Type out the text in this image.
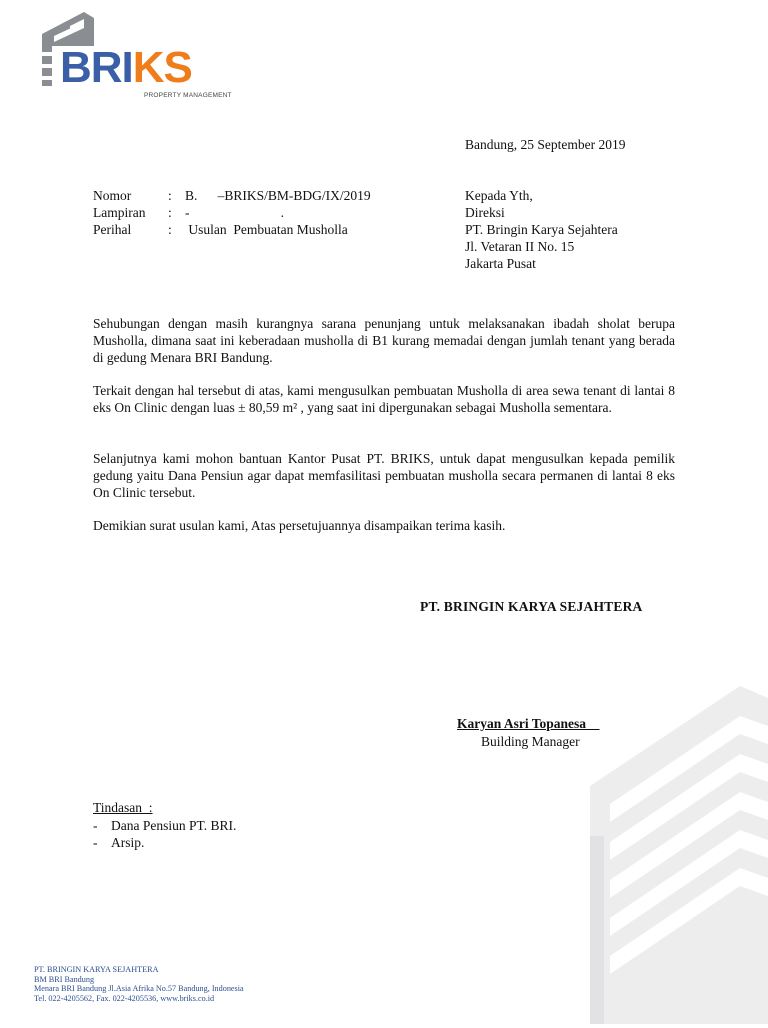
BRIKS
PROPERTY MANAGEMENT
Bandung, 25 September 2019
Nomor	: B.      –BRIKS/BM-BDG/IX/2019
Lampiran	: -                           .
Perihal	: Usulan  Pembuatan Musholla
Kepada Yth,
Direksi
PT. Bringin Karya Sejahtera
Jl. Vetaran II No. 15
Jakarta Pusat
Sehubungan dengan masih kurangnya sarana penunjang untuk melaksanakan ibadah sholat berupa Musholla, dimana saat ini keberadaan musholla di B1 kurang memadai dengan jumlah tenant yang berada di gedung Menara BRI Bandung.
Terkait dengan hal tersebut di atas, kami mengusulkan pembuatan Musholla di area sewa tenant di lantai 8 eks On Clinic dengan luas ± 80,59 m² , yang saat ini dipergunakan sebagai Musholla sementara.
Selanjutnya kami mohon bantuan Kantor Pusat PT. BRIKS, untuk dapat mengusulkan kepada pemilik gedung yaitu Dana Pensiun agar dapat memfasilitasi pembuatan musholla secara permanen di lantai 8 eks On Clinic tersebut.
Demikian surat usulan kami, Atas persetujuannya disampaikan terima kasih.
PT. BRINGIN KARYA SEJAHTERA
Karyan Asri Topanesa
Building Manager
Tindasan  :
- Dana Pensiun PT. BRI.
- Arsip.
PT. BRINGIN KARYA SEJAHTERA
BM BRI Bandung
Menara BRI Bandung Jl.Asia Afrika No.57 Bandung, Indonesia
Tel. 022-4205562, Fax. 022-4205536, www.briks.co.id
